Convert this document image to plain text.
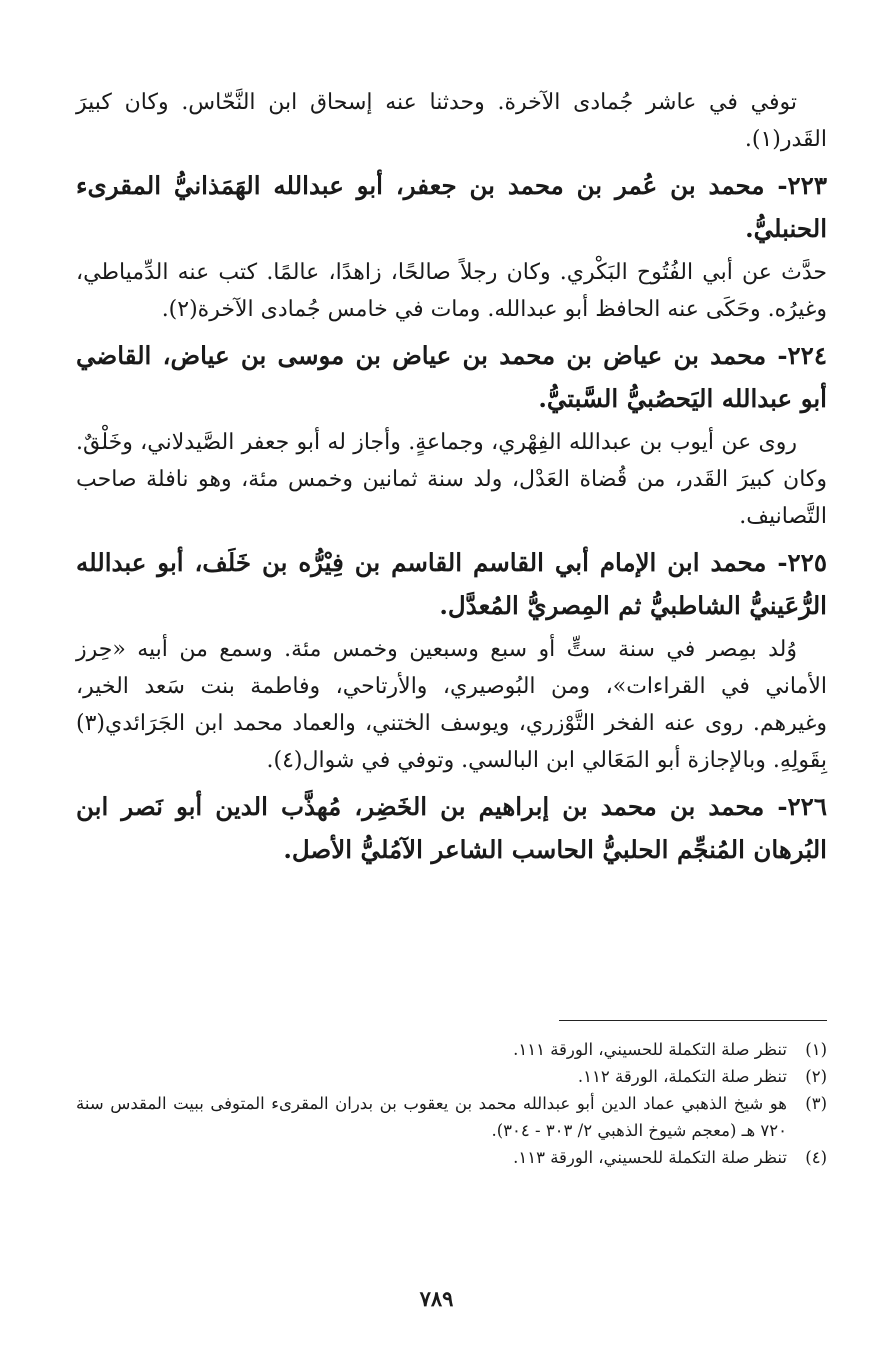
توفي في عاشر جُمادى الآخرة. وحدثنا عنه إسحاق ابن النَّحّاس. وكان كبيرَ القَدر(١).

٢٢٣- محمد بن عُمر بن محمد بن جعفر، أبو عبدالله الهَمَذانيُّ المقرىء الحنبليُّ.

حدَّث عن أبي الفُتُوح البَكْري. وكان رجلاً صالحًا، زاهدًا، عالمًا. كتب عنه الدِّمياطي، وغيرُه. وحَكَى عنه الحافظ أبو عبدالله. ومات في خامس جُمادى الآخرة(٢).

٢٢٤- محمد بن عياض بن محمد بن عياض بن موسى بن عياض، القاضي أبو عبدالله اليَحصُبيُّ السَّبتيُّ.

روى عن أيوب بن عبدالله الفِهْري، وجماعةٍ. وأجاز له أبو جعفر الصَّيدلاني، وخَلْقٌ. وكان كبيرَ القَدر، من قُضاة العَدْل، ولد سنة ثمانين وخمس مئة، وهو نافلة صاحب التَّصانيف.

٢٢٥- محمد ابن الإمام أبي القاسم القاسم بن فِيْرُّه بن خَلَف، أبو عبدالله الرُّعَينيُّ الشاطبيُّ ثم المِصريُّ المُعدَّل.

وُلد بمِصر في سنة ستٍّ أو سبع وسبعين وخمس مئة. وسمع من أبيه «حِرز الأماني في القراءات»، ومن البُوصيري، والأرتاحي، وفاطمة بنت سَعد الخير، وغيرهم. روى عنه الفخر التَّوْزري، ويوسف الختني، والعماد محمد ابن الجَرَائدي(٣) بِقَولِهِ. وبالإجازة أبو المَعَالي ابن البالسي. وتوفي في شوال(٤).

٢٢٦- محمد بن محمد بن إبراهيم بن الخَضِر، مُهذَّب الدين أبو نَصر ابن البُرهان المُنجِّم الحلبيُّ الحاسب الشاعر الآمُليُّ الأصل.

(١)
تنظر صلة التكملة للحسيني، الورقة ١١١.
(٢)
تنظر صلة التكملة، الورقة ١١٢.
(٣)
هو شيخ الذهبي عماد الدين أبو عبدالله محمد بن يعقوب بن بدران المقرىء المتوفى ببيت المقدس سنة ٧٢٠ هـ (معجم شيوخ الذهبي ٢/ ٣٠٣ - ٣٠٤).
(٤)
تنظر صلة التكملة للحسيني، الورقة ١١٣.
٧٨٩
